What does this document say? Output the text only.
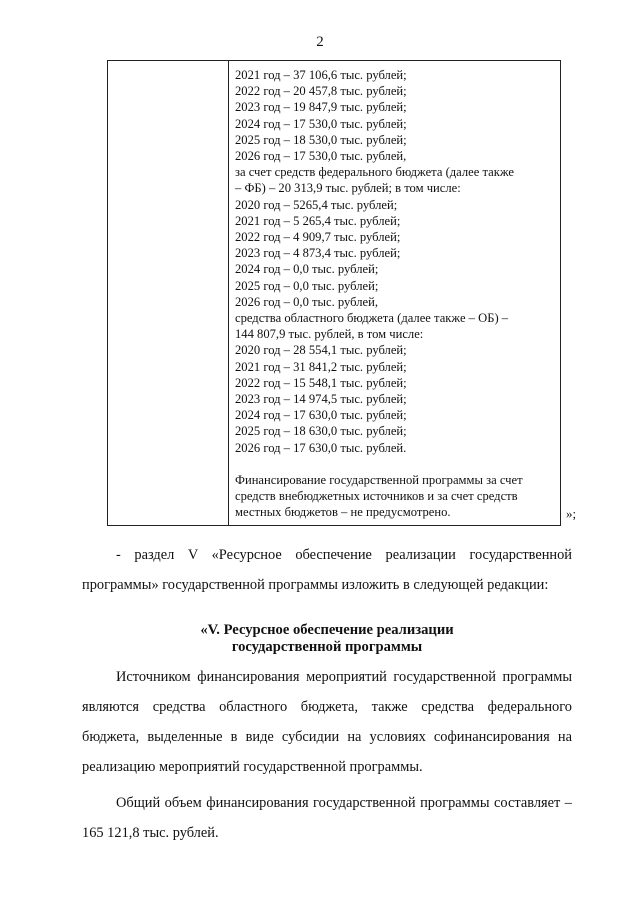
2
2021 год – 37 106,6 тыс. рублей;
2022 год – 20 457,8 тыс. рублей;
2023 год – 19 847,9 тыс. рублей;
2024 год – 17 530,0 тыс. рублей;
2025 год – 18 530,0 тыс. рублей;
2026 год – 17 530,0 тыс. рублей,
за счет средств федерального бюджета (далее также
– ФБ) – 20 313,9 тыс. рублей; в том числе:
2020 год – 5265,4 тыс. рублей;
2021 год – 5 265,4 тыс. рублей;
2022 год – 4 909,7 тыс. рублей;
2023 год – 4 873,4 тыс. рублей;
2024 год – 0,0 тыс. рублей;
2025 год – 0,0 тыс. рублей;
2026 год – 0,0 тыс. рублей,
средства областного бюджета (далее также – ОБ) –
144 807,9 тыс. рублей, в том числе:
2020 год – 28 554,1 тыс. рублей;
2021 год – 31 841,2 тыс. рублей;
2022 год – 15 548,1 тыс. рублей;
2023 год – 14 974,5 тыс. рублей;
2024 год – 17 630,0 тыс. рублей;
2025 год – 18 630,0 тыс. рублей;
2026 год – 17 630,0 тыс. рублей.
Финансирование государственной программы за счет
средств внебюджетных источников и за счет средств
местных бюджетов – не предусмотрено.	»;
- раздел V «Ресурсное обеспечение реализации государственной программы» государственной программы изложить в следующей редакции:
«V. Ресурсное обеспечение реализации
государственной программы
Источником финансирования мероприятий государственной программы являются средства областного бюджета, также средства федерального бюджета, выделенные в виде субсидии на условиях софинансирования на реализацию мероприятий государственной программы.
Общий объем финансирования государственной программы составляет – 165 121,8 тыс. рублей.
